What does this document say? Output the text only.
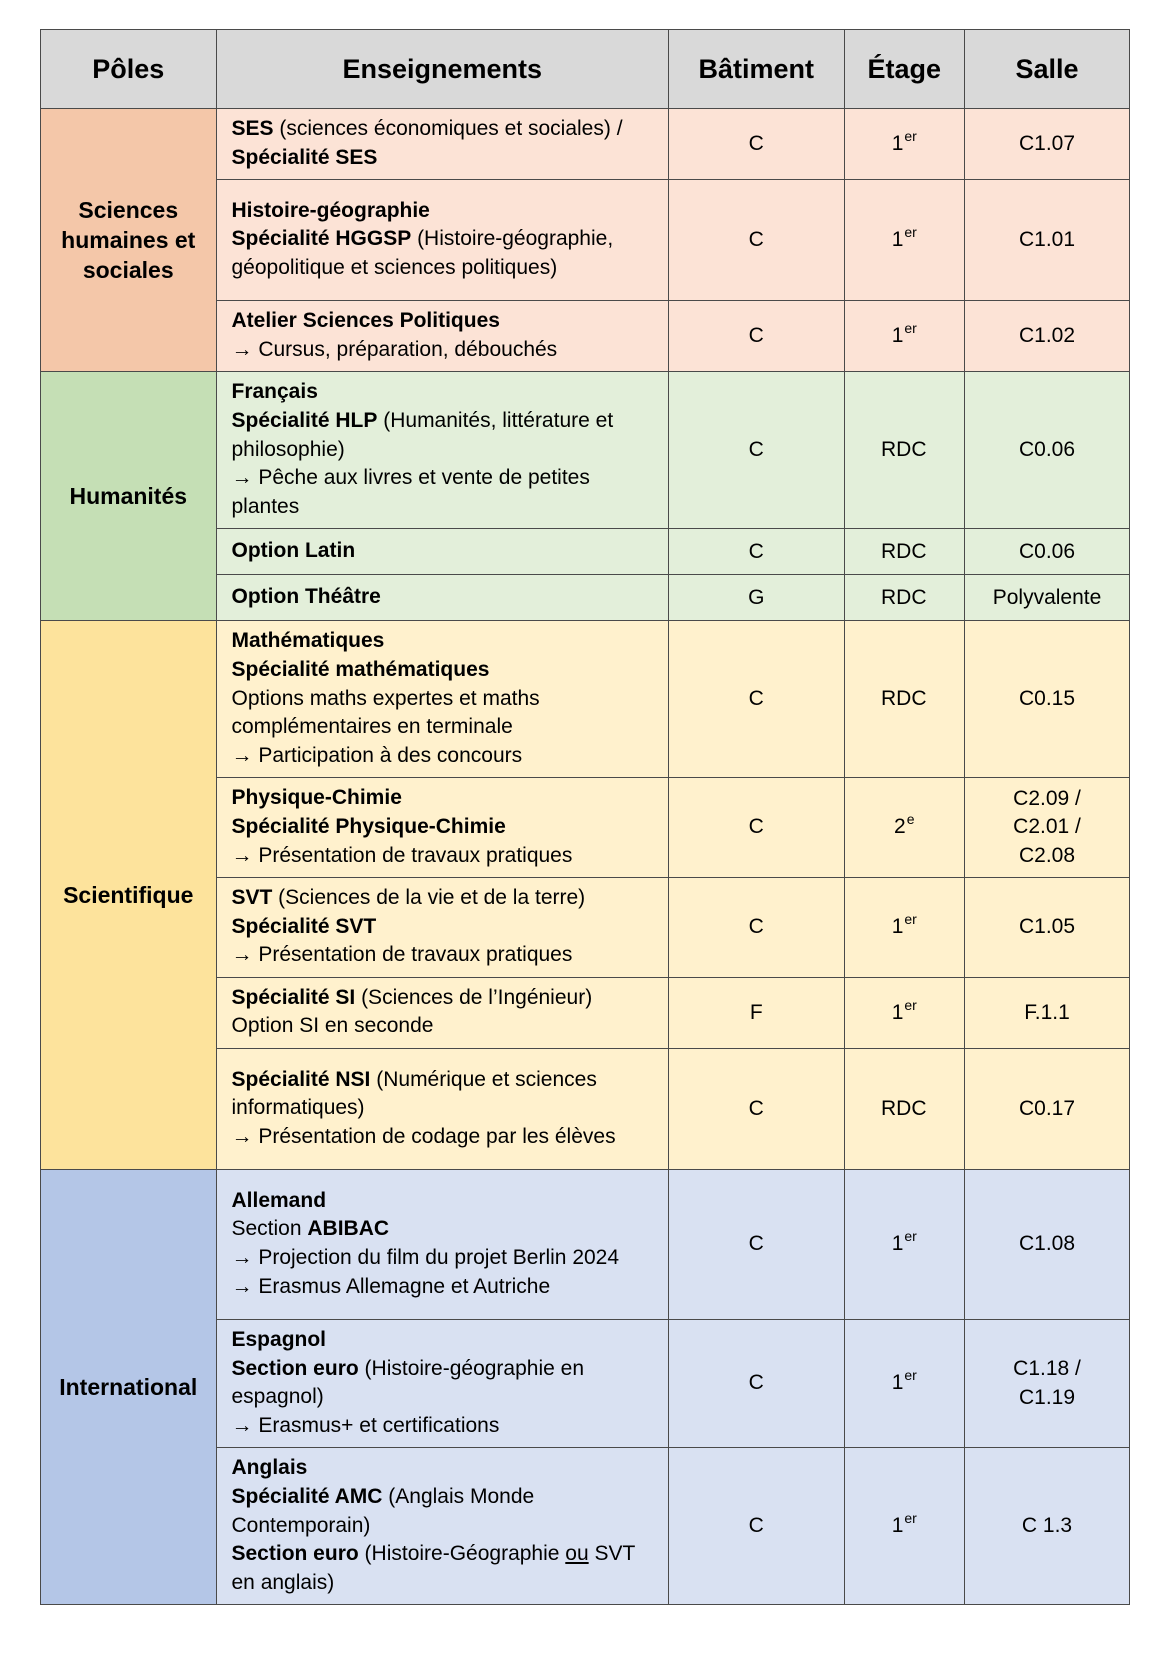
Pôles	Enseignements	Bâtiment	Étage	Salle
Sciences humaines et sociales	SES (sciences économiques et sociales) / Spécialité SES	C	1er	C1.07

	Histoire-géographie
Spécialité HGGSP (Histoire-géographie, géopolitique et sciences politiques)	C	1er	C1.01

	Atelier Sciences Politiques
→ Cursus, préparation, débouchés	C	1er	C1.02
Humanités	Français
Spécialité HLP (Humanités, littérature et philosophie)
→ Pêche aux livres et vente de petites plantes	C	RDC	C0.06

	Option Latin	C	RDC	C0.06

	Option Théâtre	G	RDC	Polyvalente
Scientifique	Mathématiques
Spécialité mathématiques
Options maths expertes et maths complémentaires en terminale
→ Participation à des concours	C	RDC	C0.15

	Physique-Chimie
Spécialité Physique-Chimie
→ Présentation de travaux pratiques	C	2e	C2.09 / C2.01 / C2.08

	SVT (Sciences de la vie et de la terre)
Spécialité SVT
→ Présentation de travaux pratiques	C	1er	C1.05

	Spécialité SI (Sciences de l’Ingénieur)
Option SI en seconde	F	1er	F.1.1

	Spécialité NSI (Numérique et sciences informatiques)
→ Présentation de codage par les élèves	C	RDC	C0.17
International	Allemand
Section ABIBAC
→ Projection du film du projet Berlin 2024
→ Erasmus Allemagne et Autriche	C	1er	C1.08

	Espagnol
Section euro (Histoire-géographie en espagnol)
→ Erasmus+ et certifications	C	1er	C1.18 / C1.19

	Anglais
Spécialité AMC (Anglais Monde Contemporain)
Section euro (Histoire-Géographie ou SVT en anglais)	C	1er	C 1.3
